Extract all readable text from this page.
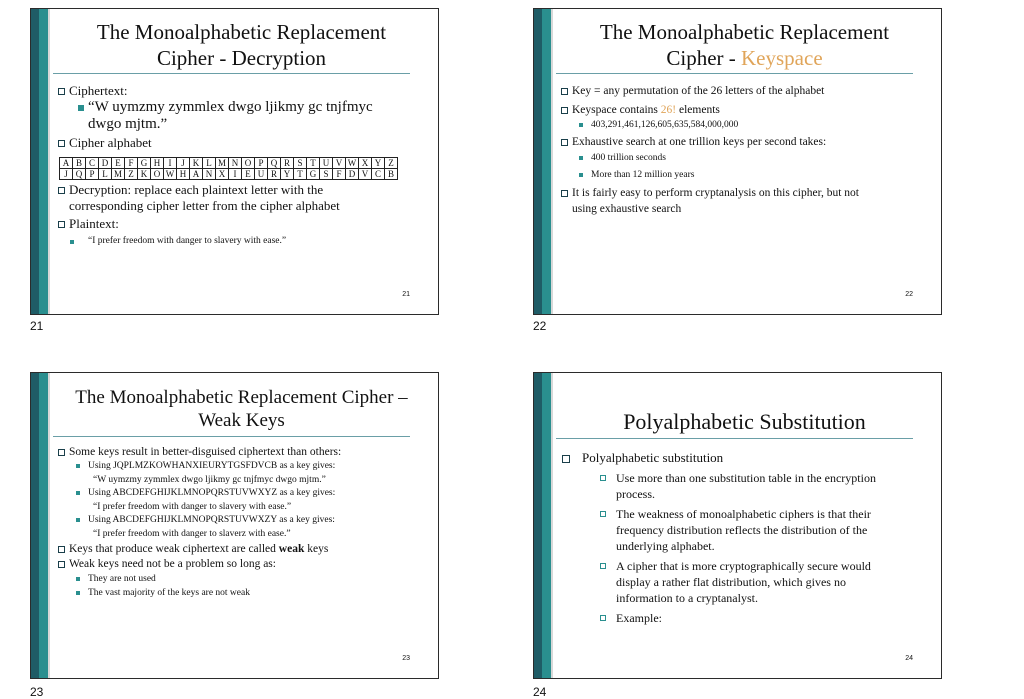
The Monoalphabetic Replacement
Cipher - Decryption
Ciphertext:
“W uymzmy zymmlex dwgo ljikmy gc tnjfmyc
dwgo mjtm.”
Cipher alphabet
A	B	C	D	E	F	G	H	I	J	K	L	M	N	O	P	Q	R	S	T	U	V	W	X	Y	Z
J	Q	P	L	M	Z	K	O	W	H	A	N	X	I	E	U	R	Y	T	G	S	F	D	V	C	B
Decryption: replace each plaintext letter with the
corresponding cipher letter from the cipher alphabet
Plaintext:
“I prefer freedom with danger to slavery with ease.”
21
21
The Monoalphabetic Replacement
Cipher - Keyspace
Key = any permutation of the 26 letters of the alphabet
Keyspace contains 26! elements
403,291,461,126,605,635,584,000,000
Exhaustive search at one trillion keys per second takes:
400 trillion seconds
More than 12 million years
It is fairly easy to perform cryptanalysis on this cipher, but not
using exhaustive search
22
22
The Monoalphabetic Replacement Cipher –
Weak Keys
Some keys result in better-disguised ciphertext than others:
Using JQPLMZKOWHANXIEURYTGSFDVCB as a key gives:
“W uymzmy zymmlex dwgo ljikmy gc tnjfmyc dwgo mjtm.”
Using ABCDEFGHIJKLMNOPQRSTUVWXYZ as a key gives:
“I prefer freedom with danger to slavery with ease.”
Using ABCDEFGHIJKLMNOPQRSTUVWXZY as a key gives:
“I prefer freedom with danger to slaverz with ease.”
Keys that produce weak ciphertext are called weak keys
Weak keys need not be a problem so long as:
They are not used
The vast majority of the keys are not weak
23
23
Polyalphabetic Substitution
Polyalphabetic substitution
Use more than one substitution table in the encryption
process.
The weakness of monoalphabetic ciphers is that their
frequency distribution reflects the distribution of the
underlying alphabet.
A cipher that is more cryptographically secure would
display a rather flat distribution, which gives no
information to a cryptanalyst.
Example:
24
24
